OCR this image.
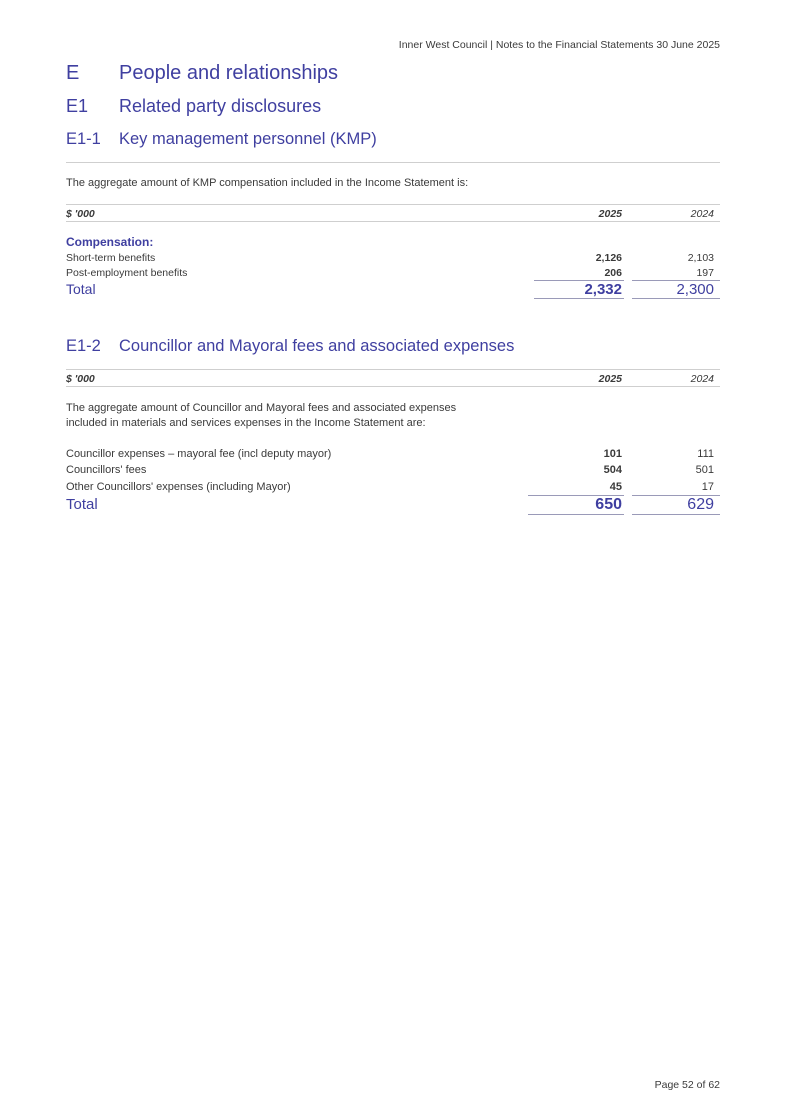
Inner West Council | Notes to the Financial Statements 30 June 2025
E People and relationships
E1 Related party disclosures
E1-1 Key management personnel (KMP)
The aggregate amount of KMP compensation included in the Income Statement is:
$ '000	2025	2024
Compensation:
Short-term benefits	2,126	2,103
Post-employment benefits	206	197
Total	2,332	2,300
E1-2 Councillor and Mayoral fees and associated expenses
$ '000	2025	2024
The aggregate amount of Councillor and Mayoral fees and associated expenses
included in materials and services expenses in the Income Statement are:
Councillor expenses – mayoral fee (incl deputy mayor)	101	111
Councillors' fees	504	501
Other Councillors' expenses (including Mayor)	45	17
Total	650	629
Page 52 of 62
